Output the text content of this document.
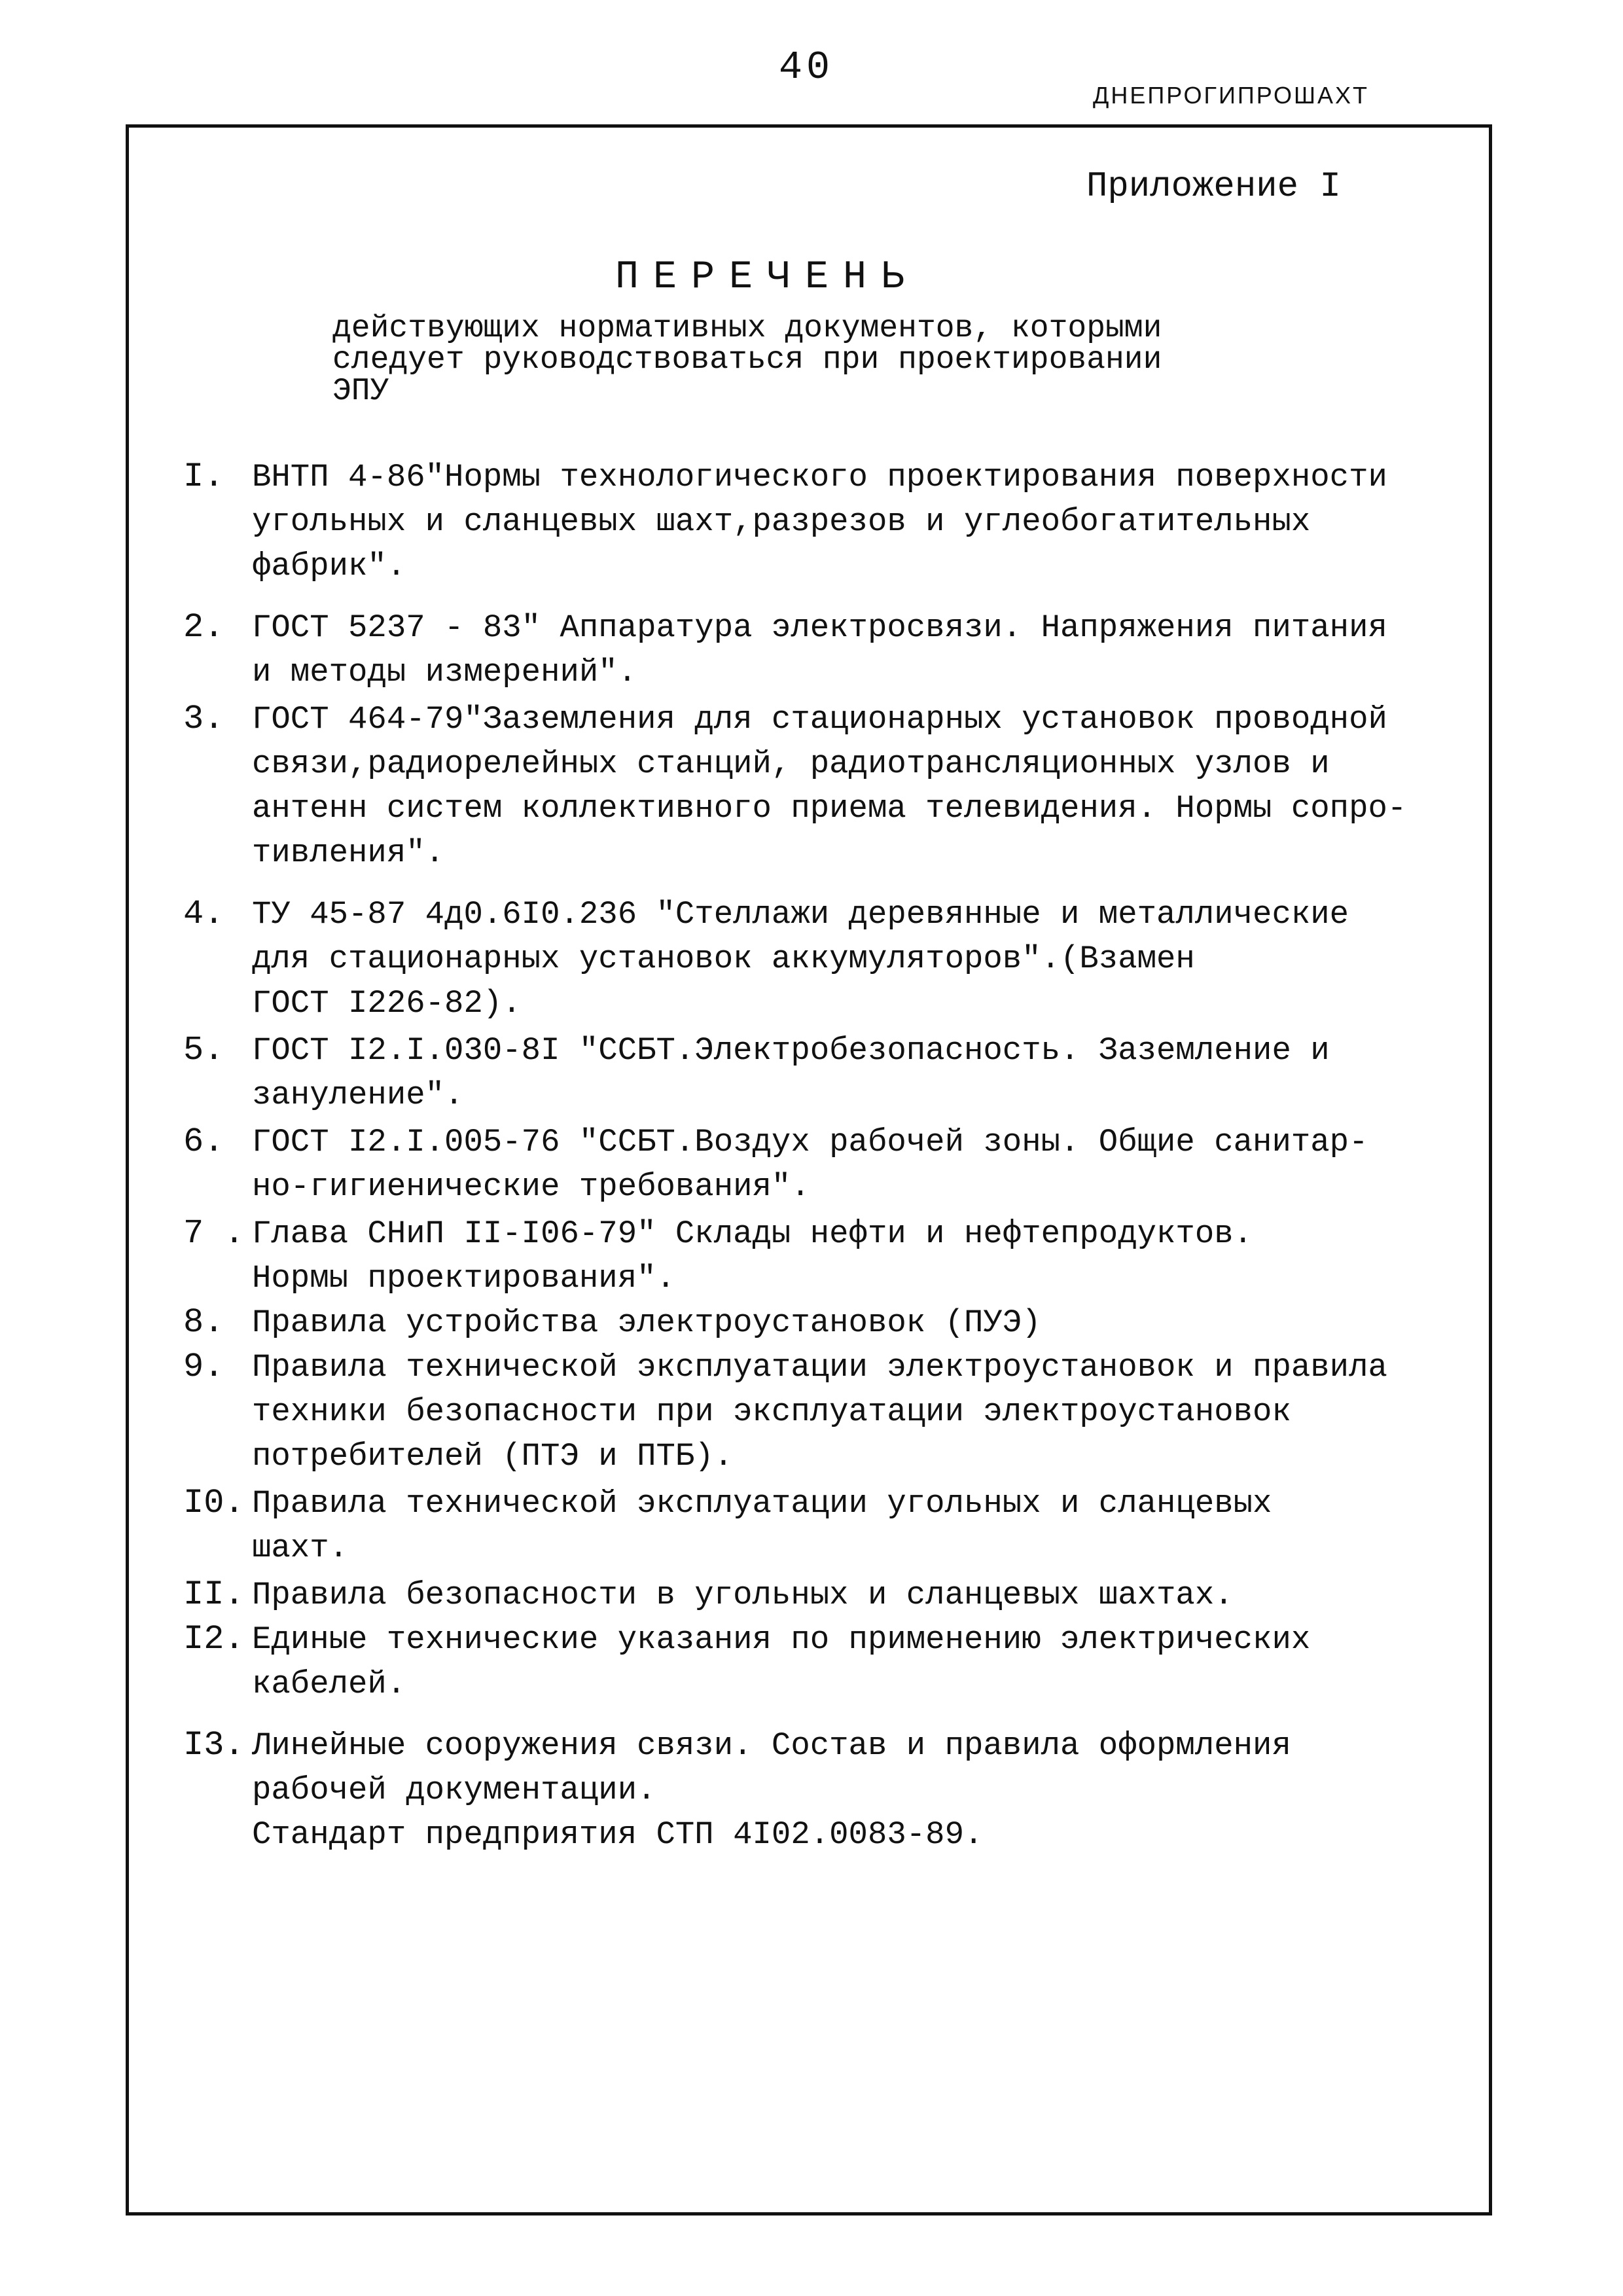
40
ДНЕПРОГИПРОШАХТ
Приложение I
ПЕРЕЧЕНЬ
действующих нормативных документов, которыми
следует руководствоваться при проектировании
ЭПУ
I. ВНТП 4-86"Нормы технологического проектирования поверхности
угольных и сланцевых шахт,разрезов и углеобогатительных
фабрик".
2. ГОСТ 5237 - 83" Аппаратура электросвязи. Напряжения питания
и методы измерений".
3. ГОСТ 464-79"Заземления для стационарных установок проводной
связи,радиорелейных станций, радиотрансляционных узлов и
антенн систем коллективного приема телевидения. Нормы сопро-
тивления".
4. ТУ 45-87 4д0.6I0.236 "Стеллажи деревянные и металлические
для стационарных установок аккумуляторов".(Взамен
ГОСТ I226-82).
5. ГОСТ I2.I.030-8I "ССБТ.Электробезопасность. Заземление и
зануление".
6. ГОСТ I2.I.005-76 "ССБТ.Воздух рабочей зоны. Общие санитар-
но-гигиенические требования".
7 . Глава СНиП II-I06-79" Склады нефти и нефтепродуктов.
Нормы проектирования".
8. Правила устройства электроустановок (ПУЭ)
9. Правила технической эксплуатации электроустановок и правила
техники безопасности при эксплуатации электроустановок
потребителей (ПТЭ и ПТБ).
I0. Правила технической эксплуатации угольных и сланцевых
шахт.
II. Правила безопасности в угольных и сланцевых шахтах.
I2. Единые технические указания по применению электрических
кабелей.
I3. Линейные сооружения связи. Состав и правила оформления
рабочей документации.
Стандарт предприятия СТП 4I02.0083-89.
